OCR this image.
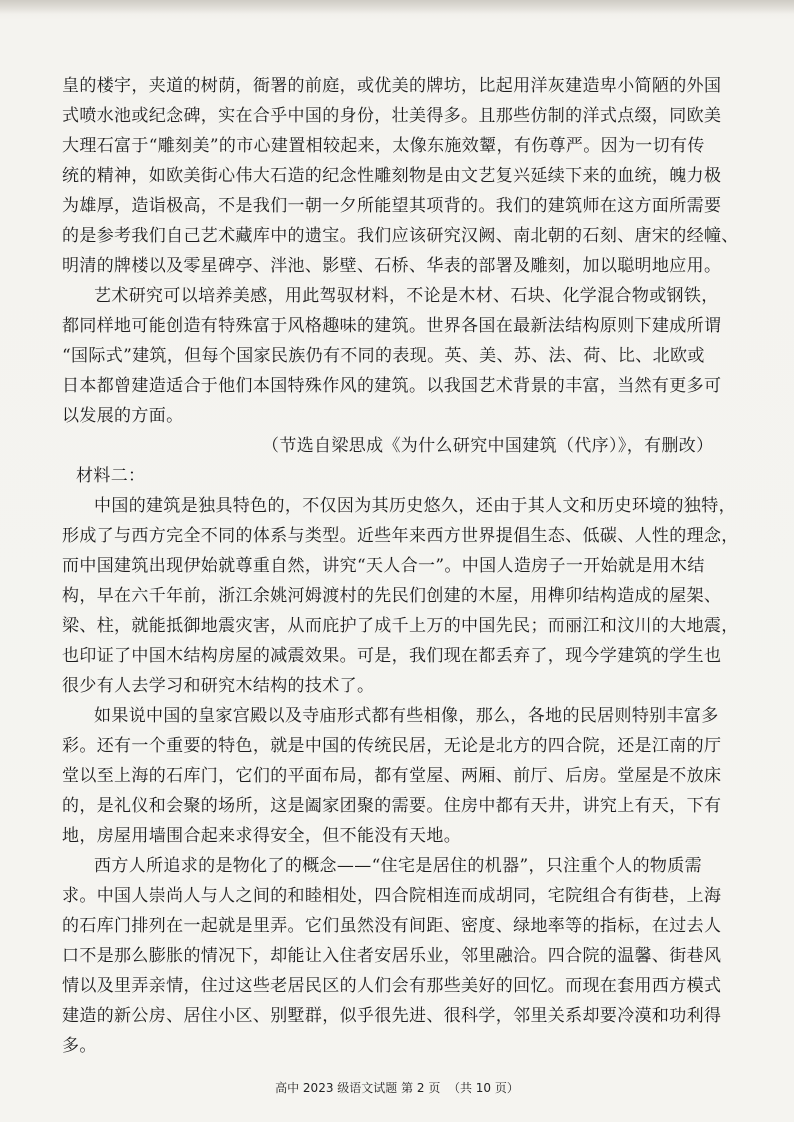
皇的楼宇，夹道的树荫，衙署的前庭，或优美的牌坊，比起用洋灰建造卑小简陋的外国
式喷水池或纪念碑，实在合乎中国的身份，壮美得多。且那些仿制的洋式点缀，同欧美
大理石富于“雕刻美”的市心建置相较起来，太像东施效颦，有伤尊严。因为一切有传
统的精神，如欧美街心伟大石造的纪念性雕刻物是由文艺复兴延续下来的血统，魄力极
为雄厚，造诣极高，不是我们一朝一夕所能望其项背的。我们的建筑师在这方面所需要
的是参考我们自己艺术藏库中的遗宝。我们应该研究汉阙、南北朝的石刻、唐宋的经幢、
明清的牌楼以及零星碑亭、泮池、影壁、石桥、华表的部署及雕刻，加以聪明地应用。
艺术研究可以培养美感，用此驾驭材料，不论是木材、石块、化学混合物或钢铁，
都同样地可能创造有特殊富于风格趣味的建筑。世界各国在最新法结构原则下建成所谓
“国际式”建筑，但每个国家民族仍有不同的表现。英、美、苏、法、荷、比、北欧或
日本都曾建造适合于他们本国特殊作风的建筑。以我国艺术背景的丰富，当然有更多可
以发展的方面。
（节选自梁思成《为什么研究中国建筑（代序）》，有删改）
材料二：
中国的建筑是独具特色的，不仅因为其历史悠久，还由于其人文和历史环境的独特，
形成了与西方完全不同的体系与类型。近些年来西方世界提倡生态、低碳、人性的理念，
而中国建筑出现伊始就尊重自然，讲究“天人合一”。中国人造房子一开始就是用木结
构，早在六千年前，浙江余姚河姆渡村的先民们创建的木屋，用榫卯结构造成的屋架、
梁、柱，就能抵御地震灾害，从而庇护了成千上万的中国先民；而丽江和汶川的大地震，
也印证了中国木结构房屋的减震效果。可是，我们现在都丢弃了，现今学建筑的学生也
很少有人去学习和研究木结构的技术了。
如果说中国的皇家宫殿以及寺庙形式都有些相像，那么，各地的民居则特别丰富多
彩。还有一个重要的特色，就是中国的传统民居，无论是北方的四合院，还是江南的厅
堂以至上海的石库门，它们的平面布局，都有堂屋、两厢、前厅、后房。堂屋是不放床
的，是礼仪和会聚的场所，这是阖家团聚的需要。住房中都有天井，讲究上有天，下有
地，房屋用墙围合起来求得安全，但不能没有天地。
西方人所追求的是物化了的概念——“住宅是居住的机器”，只注重个人的物质需
求。中国人崇尚人与人之间的和睦相处，四合院相连而成胡同，宅院组合有街巷，上海
的石库门排列在一起就是里弄。它们虽然没有间距、密度、绿地率等的指标，在过去人
口不是那么膨胀的情况下，却能让入住者安居乐业，邻里融洽。四合院的温馨、街巷风
情以及里弄亲情，住过这些老居民区的人们会有那些美好的回忆。而现在套用西方模式
建造的新公房、居住小区、别墅群，似乎很先进、很科学，邻里关系却要冷漠和功利得
多。
高中 2023 级语文试题 第 2 页  （共 10 页）
